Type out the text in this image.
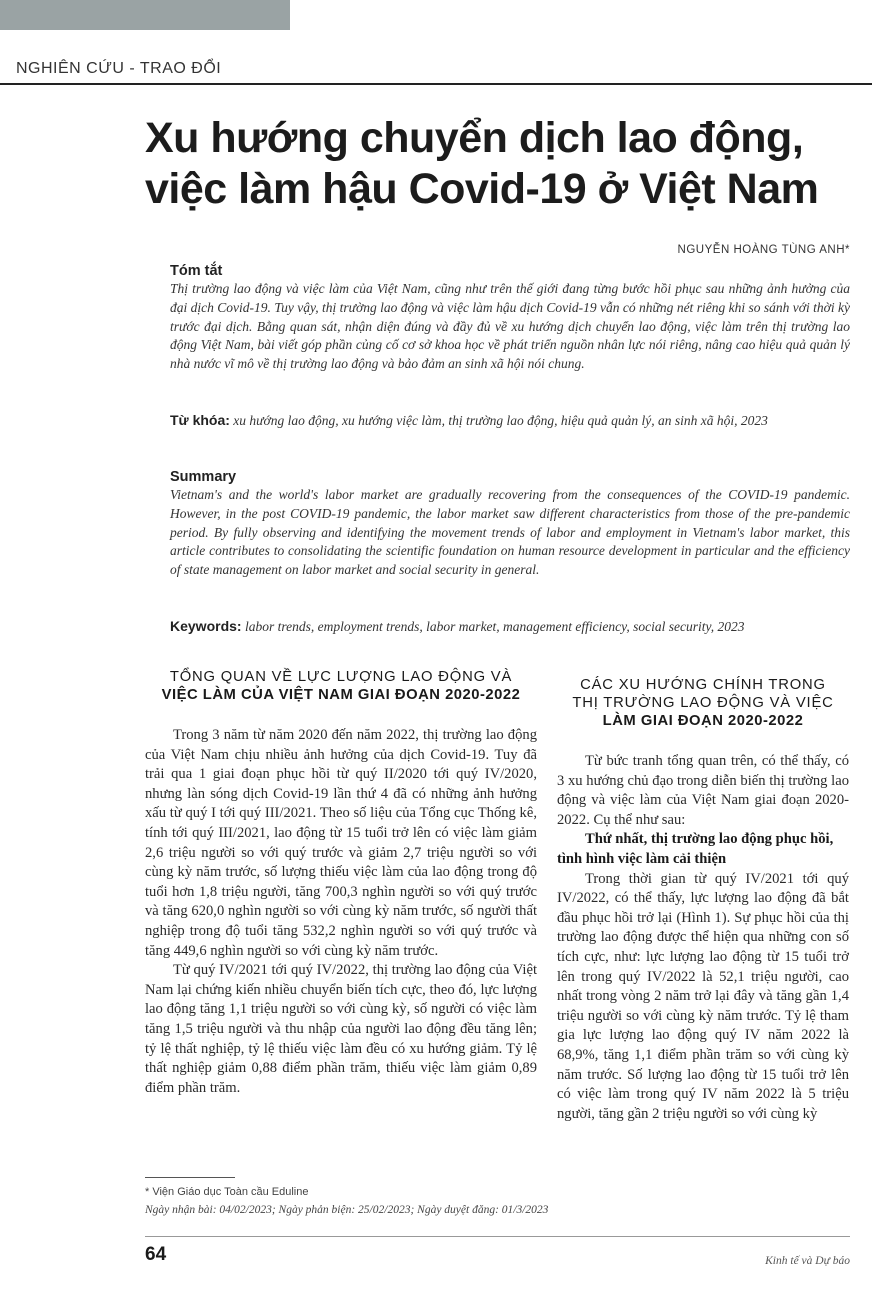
NGHIÊN CỨU - TRAO ĐỔI
Xu hướng chuyển dịch lao động,
việc làm hậu Covid-19 ở Việt Nam
NGUYỄN HOÀNG TÙNG ANH*
Tóm tắt

Thị trường lao động và việc làm của Việt Nam, cũng như trên thế giới đang từng bước hồi phục sau những ảnh hưởng của đại dịch Covid-19. Tuy vậy, thị trường lao động và việc làm hậu dịch Covid-19 vẫn có những nét riêng khi so sánh với thời kỳ trước đại dịch. Bằng quan sát, nhận diện đúng và đầy đủ về xu hướng dịch chuyển lao động, việc làm trên thị trường lao động Việt Nam, bài viết góp phần củng cố cơ sở khoa học về phát triển nguồn nhân lực nói riêng, nâng cao hiệu quả quản lý nhà nước vĩ mô về thị trường lao động và bảo đảm an sinh xã hội nói chung.

Từ khóa: xu hướng lao động, xu hướng việc làm, thị trường lao động, hiệu quả quản lý, an sinh xã hội, 2023

Summary

Vietnam's and the world's labor market are gradually recovering from the consequences of the COVID-19 pandemic. However, in the post COVID-19 pandemic, the labor market saw different characteristics from those of the pre-pandemic period. By fully observing and identifying the movement trends of labor and employment in Vietnam's labor market, this article contributes to consolidating the scientific foundation on human resource development in particular and the efficiency of state management on labor market and social security in general.

Keywords: labor trends, employment trends, labor market, management efficiency, social security, 2023

TỔNG QUAN VỀ LỰC LƯỢNG LAO ĐỘNG VÀ
VIỆC LÀM CỦA VIỆT NAM GIAI ĐOẠN 2020-2022

Trong 3 năm từ năm 2020 đến năm 2022, thị trường lao động của Việt Nam chịu nhiều ảnh hưởng của dịch Covid-19. Tuy đã trải qua 1 giai đoạn phục hồi từ quý II/2020 tới quý IV/2020, nhưng làn sóng dịch Covid-19 lần thứ 4 đã có những ảnh hưởng xấu từ quý I tới quý III/2021. Theo số liệu của Tổng cục Thống kê, tính tới quý III/2021, lao động từ 15 tuổi trở lên có việc làm giảm 2,6 triệu người so với quý trước và giảm 2,7 triệu người so với cùng kỳ năm trước, số lượng thiếu việc làm của lao động trong độ tuổi hơn 1,8 triệu người, tăng 700,3 nghìn người so với quý trước và tăng 620,0 nghìn người so với cùng kỳ năm trước, số người thất nghiệp trong độ tuổi tăng 532,2 nghìn người so với quý trước và tăng 449,6 nghìn người so với cùng kỳ năm trước.

Từ quý IV/2021 tới quý IV/2022, thị trường lao động của Việt Nam lại chứng kiến nhiều chuyển biến tích cực, theo đó, lực lượng lao động tăng 1,1 triệu người so với cùng kỳ, số người có việc làm tăng 1,5 triệu người và thu nhập của người lao động đều tăng lên; tỷ lệ thất nghiệp, tỷ lệ thiếu việc làm đều có xu hướng giảm. Tỷ lệ thất nghiệp giảm 0,88 điểm phần trăm, thiếu việc làm giảm 0,89 điểm phần trăm.

CÁC XU HƯỚNG CHÍNH TRONG
THỊ TRƯỜNG LAO ĐỘNG VÀ VIỆC
LÀM GIAI ĐOẠN 2020-2022

Từ bức tranh tổng quan trên, có thể thấy, có 3 xu hướng chủ đạo trong diễn biến thị trường lao động và việc làm của Việt Nam giai đoạn 2020-2022. Cụ thể như sau:

Thứ nhất, thị trường lao động phục hồi, tình hình việc làm cải thiện

Trong thời gian từ quý IV/2021 tới quý IV/2022, có thể thấy, lực lượng lao động đã bắt đầu phục hồi trở lại (Hình 1). Sự phục hồi của thị trường lao động được thể hiện qua những con số tích cực, như: lực lượng lao động từ 15 tuổi trở lên trong quý IV/2022 là 52,1 triệu người, cao nhất trong vòng 2 năm trở lại đây và tăng gần 1,4 triệu người so với cùng kỳ năm trước. Tỷ lệ tham gia lực lượng lao động quý IV năm 2022 là 68,9%, tăng 1,1 điểm phần trăm so với cùng kỳ năm trước. Số lượng lao động từ 15 tuổi trở lên có việc làm trong quý IV năm 2022 là 5 triệu người, tăng gần 2 triệu người so với cùng kỳ

* Viện Giáo dục Toàn cầu Eduline
Ngày nhận bài: 04/02/2023; Ngày phản biện: 25/02/2023; Ngày duyệt đăng: 01/3/2023
64	Kinh tế và Dự báo
